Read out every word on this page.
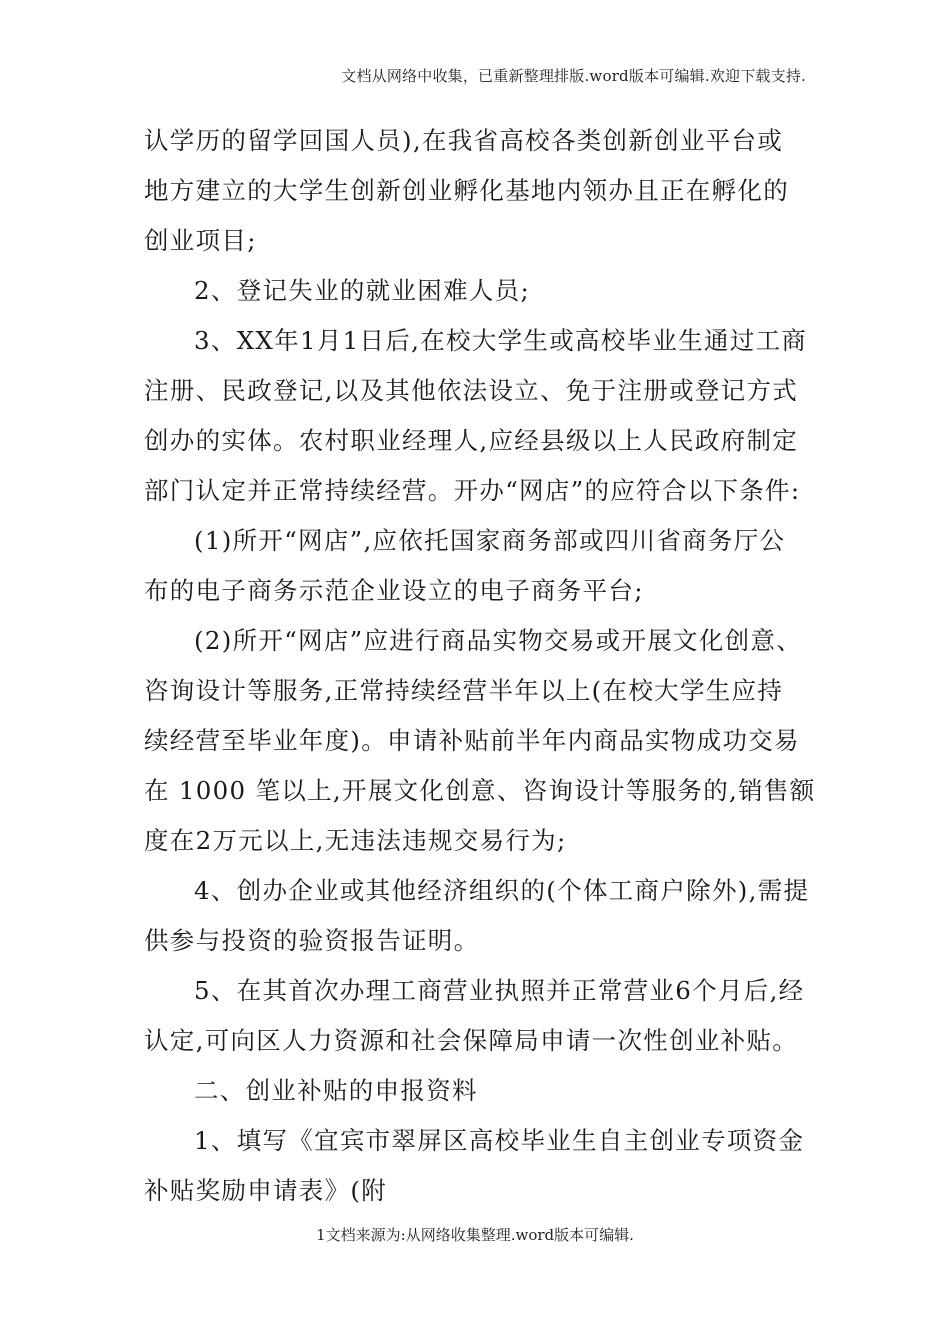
文档从网络中收集，已重新整理排版.word版本可编辑.欢迎下载支持.
认学历的留学回国人员),在我省高校各类创新创业平台或
地方建立的大学生创新创业孵化基地内领办且正在孵化的
创业项目;
2、登记失业的就业困难人员;
3、XX年1月1日后,在校大学生或高校毕业生通过工商
注册、民政登记,以及其他依法设立、免于注册或登记方式
创办的实体。农村职业经理人,应经县级以上人民政府制定
部门认定并正常持续经营。开办“网店”的应符合以下条件:
(1)所开“网店”,应依托国家商务部或四川省商务厅公
布的电子商务示范企业设立的电子商务平台;
(2)所开“网店”应进行商品实物交易或开展文化创意、
咨询设计等服务,正常持续经营半年以上(在校大学生应持
续经营至毕业年度)。申请补贴前半年内商品实物成功交易
在 1000 笔以上,开展文化创意、咨询设计等服务的,销售额
度在2万元以上,无违法违规交易行为;
4、创办企业或其他经济组织的(个体工商户除外),需提
供参与投资的验资报告证明。
5、在其首次办理工商营业执照并正常营业6个月后,经
认定,可向区人力资源和社会保障局申请一次性创业补贴。
二、创业补贴的申报资料
1、填写《宜宾市翠屏区高校毕业生自主创业专项资金
补贴奖励申请表》(附
1文档来源为:从网络收集整理.word版本可编辑.
